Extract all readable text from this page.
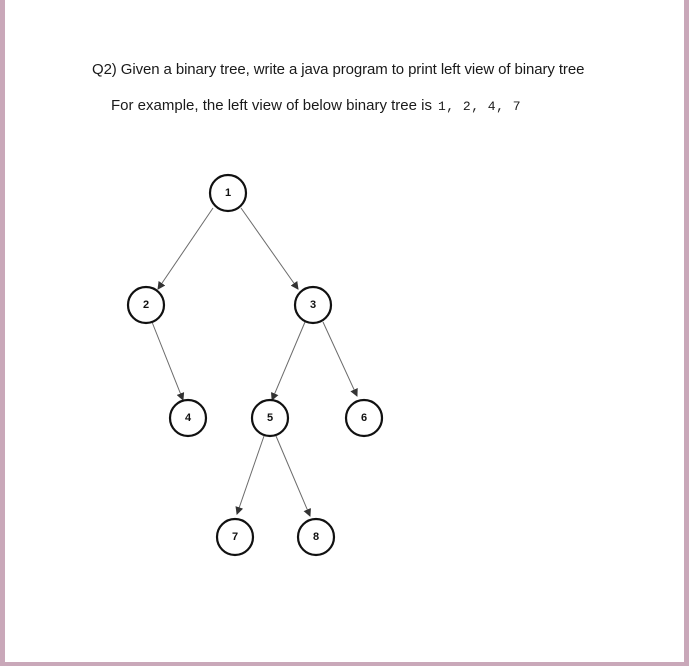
Q2) Given a binary tree, write a java program to print left view of binary tree
For example, the left view of below binary tree is 1, 2, 4, 7
1
2	3
4	5	6
7	8
